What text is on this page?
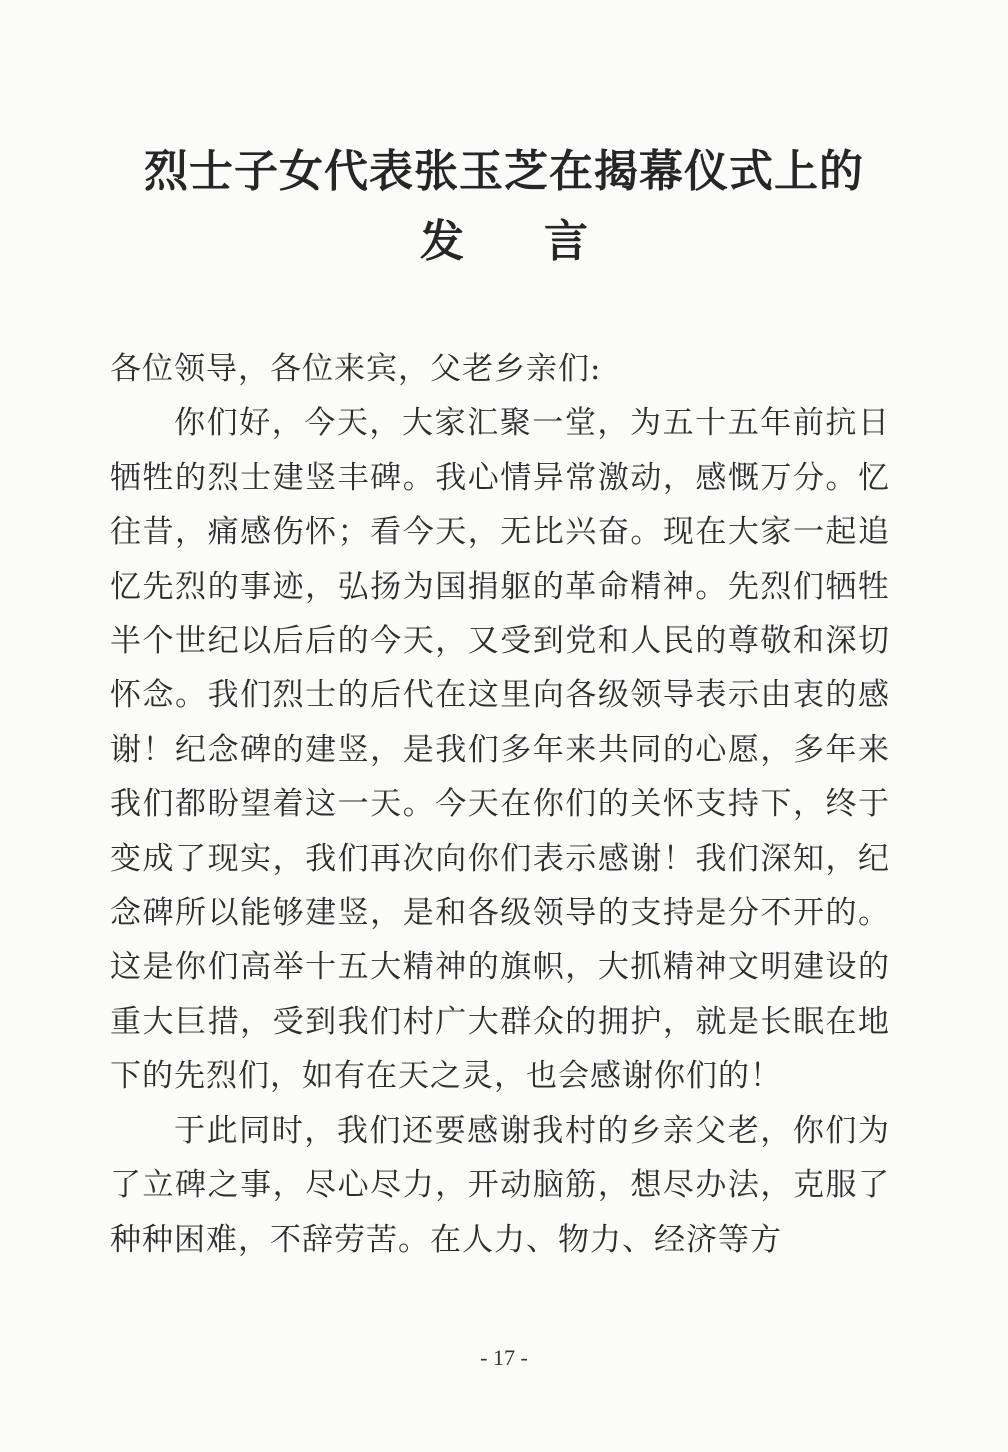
烈士子女代表张玉芝在揭幕仪式上的
发 言

各位领导，各位来宾，父老乡亲们:

你们好，今天，大家汇聚一堂，为五十五年前抗日牺牲的烈士建竖丰碑。我心情异常激动，感慨万分。忆往昔，痛感伤怀；看今天，无比兴奋。现在大家一起追忆先烈的事迹，弘扬为国捐躯的革命精神。先烈们牺牲半个世纪以后后的今天，又受到党和人民的尊敬和深切怀念。我们烈士的后代在这里向各级领导表示由衷的感谢！纪念碑的建竖，是我们多年来共同的心愿，多年来我们都盼望着这一天。今天在你们的关怀支持下，终于变成了现实，我们再次向你们表示感谢！我们深知，纪念碑所以能够建竖，是和各级领导的支持是分不开的。这是你们高举十五大精神的旗帜，大抓精神文明建设的重大巨措，受到我们村广大群众的拥护，就是长眠在地下的先烈们，如有在天之灵，也会感谢你们的！

于此同时，我们还要感谢我村的乡亲父老，你们为了立碑之事，尽心尽力，开动脑筋，想尽办法，克服了种种困难，不辞劳苦。在人力、物力、经济等方

- 17 -
